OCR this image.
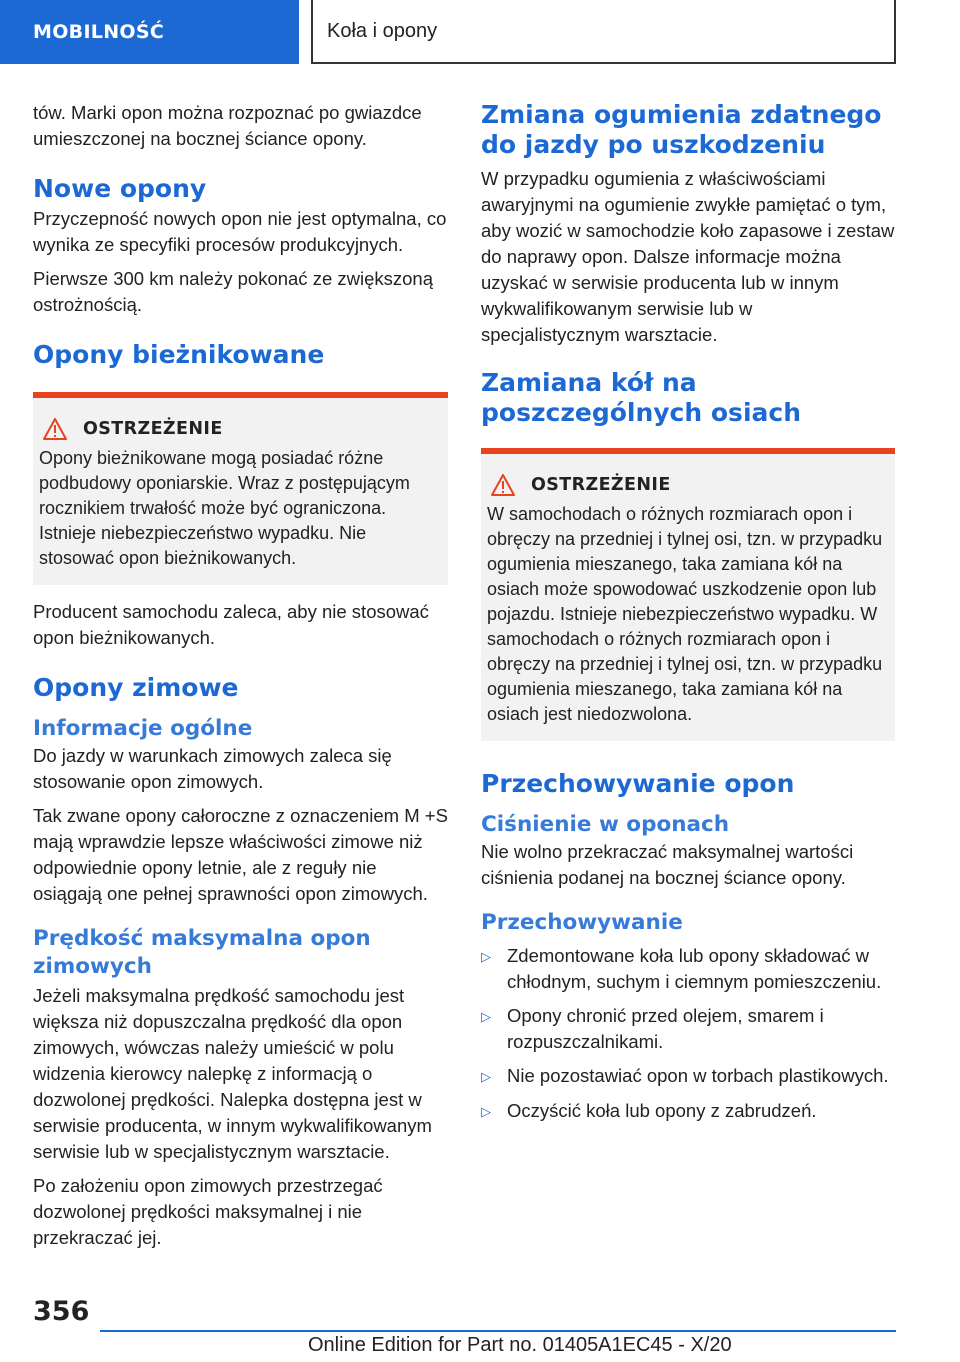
MOBILNOŚĆ	Koła i opony

tów. Marki opon można rozpoznać po gwiazdce umieszczonej na bocznej ściance opony.

Nowe opony

Przyczepność nowych opon nie jest optymalna, co wynika ze specyfiki procesów produkcyjnych.

Pierwsze 300 km należy pokonać ze zwiększoną ostrożnością.

Opony bieżnikowane
OSTRZEŻENIE

Opony bieżnikowane mogą posiadać różne podbudowy oponiarskie. Wraz z postępującym rocznikiem trwałość może być ograniczona. Istnieje niebezpieczeństwo wypadku. Nie stosować opon bieżnikowanych.

Producent samochodu zaleca, aby nie stosować opon bieżnikowanych.

Opony zimowe
Informacje ogólne

Do jazdy w warunkach zimowych zaleca się stosowanie opon zimowych.

Tak zwane opony całoroczne z oznaczeniem M +S mają wprawdzie lepsze właściwości zimowe niż odpowiednie opony letnie, ale z reguły nie osiągają one pełnej sprawności opon zimowych.

Prędkość maksymalna opon zimowych

Jeżeli maksymalna prędkość samochodu jest większa niż dopuszczalna prędkość dla opon zimowych, wówczas należy umieścić w polu widzenia kierowcy nalepkę z informacją o dozwolonej prędkości. Nalepka dostępna jest w serwisie producenta, w innym wykwalifikowanym serwisie lub w specjalistycznym warsztacie.

Po założeniu opon zimowych przestrzegać dozwolonej prędkości maksymalnej i nie przekraczać jej.

Zmiana ogumienia zdatnego do jazdy po uszkodzeniu

W przypadku ogumienia z właściwościami awaryjnymi na ogumienie zwykłe pamiętać o tym, aby wozić w samochodzie koło zapasowe i zestaw do naprawy opon. Dalsze informacje można uzyskać w serwisie producenta lub w innym wykwalifikowanym serwisie lub w specjalistycznym warsztacie.

Zamiana kół na poszczególnych osiach
OSTRZEŻENIE

W samochodach o różnych rozmiarach opon i obręczy na przedniej i tylnej osi, tzn. w przypadku ogumienia mieszanego, taka zamiana kół na osiach może spowodować uszkodzenie opon lub pojazdu. Istnieje niebezpieczeństwo wypadku. W samochodach o różnych rozmiarach opon i obręczy na przedniej i tylnej osi, tzn. w przypadku ogumienia mieszanego, taka zamiana kół na osiach jest niedozwolona.

Przechowywanie opon
Ciśnienie w oponach

Nie wolno przekraczać maksymalnej wartości ciśnienia podanej na bocznej ściance opony.

Przechowywanie
▷ Zdemontowane koła lub opony składować w chłodnym, suchym i ciemnym pomieszczeniu.
▷ Opony chronić przed olejem, smarem i rozpuszczalnikami.
▷ Nie pozostawiać opon w torbach plastikowych.
▷ Oczyścić koła lub opony z zabrudzeń.
356
Online Edition for Part no. 01405A1EC45 - X/20
